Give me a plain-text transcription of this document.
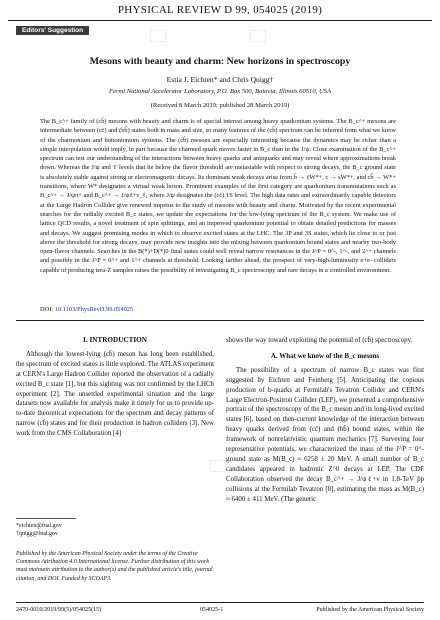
PHYSICAL REVIEW D 99, 054025 (2019)
Editors' Suggestion
Mesons with beauty and charm: New horizons in spectroscopy
Estia J. Eichten* and Chris Quigg†
Fermi National Accelerator Laboratory, P.O. Box 500, Batavia, Illinois 60510, USA
(Received 8 March 2019; published 28 March 2019)
The B_c^+ family of (cb̄) mesons with beauty and charm is of special interest among heavy quarkonium systems. The B_c^+ mesons are intermediate between (cc̄) and (bb̄) states both in mass and size, so many features of the (cb̄) spectrum can be inferred from what we know of the charmonium and bottomonium systems. The (cb̄) mesons are especially interesting because the dynamics may be richer than a simple interpolation would imply, in part because the charmed quark moves faster in B_c than in the J/ψ. Close examination of the B_c^+ spectrum can test our understanding of the interactions between heavy quarks and antiquarks and may reveal where approximations break down. Whereas the J/ψ and ϒ levels that lie below the flavor threshold are metastable with respect to strong decays, the B_c ground state is absolutely stable against strong or electromagnetic decays. Its dominant weak decays arise from b̄ → c̄W*+, c → sW*+, and cb̄ → W*+ transitions, where W* designates a virtual weak boson. Prominent examples of the first category are quarkonium transmutations such as B_c^+ → J/ψπ+ and B_c^+ → J/ψℓ+ν_ℓ, where J/ψ designates the (cc̄) 1S level. The high data rates and extraordinarily capable detectors at the Large Hadron Collider give renewed impetus to the study of mesons with beauty and charm. Motivated by the recent experimental searches for the radially excited B_c states, we update the expectations for the low-lying spectrum of the B_c system. We make use of lattice QCD results, a novel treatment of spin splittings, and an improved quarkonium potential to obtain detailed predictions for masses and decays. We suggest promising modes in which to observe excited states at the LHC. The 3P and 3S states, which lie close to or just above the threshold for strong decays, may provide new insights into the mixing between quarkonium bound states and nearby two-body open-flavor channels. Searches in the B(*)+D(*)0 final states could well reveal narrow resonances in the J^P = 0^-, 1^-, and 2^+ channels and possibly in the J^P = 0^+ and 1^+ channels at threshold. Looking farther ahead, the prospect of very-high-luminosity e+e- colliders capable of producing tera-Z samples raises the possibility of investigating B_c spectroscopy and rare decays in a controlled environment.
DOI: 10.1103/PhysRevD.99.054025
I. INTRODUCTION

Although the lowest-lying (cb̄) meson has long been established, the spectrum of excited states is little explored. The ATLAS experiment at CERN's Large Hadron Collider reported the observation of a radially excited B_c state [1], but this sighting was not confirmed by the LHCb experiment [2]. The unsettled experimental situation and the large datasets now available for analysis make it timely for us to provide up-to-date theoretical expectations for the spectrum and decay patterns of narrow (cb̄) states and for their production in hadron colliders [3]. New work from the CMS Collaboration [4]

*eichten@fnal.gov
†quigg@fnal.gov
Published by the American Physical Society under the terms of the Creative Commons Attribution 4.0 International license. Further distribution of this work must maintain attribution to the author(s) and the published article's title, journal citation, and DOI. Funded by SCOAP3.

shows the way toward exploiting the potential of (cb̄) spectroscopy.

A. What we know of the B_c mesons

The possibility of a spectrum of narrow B_c states was first suggested by Eichten and Feinberg [5]. Anticipating the copious production of b-quarks at Fermilab's Tevatron Collider and CERN's Large Electron-Positron Collider (LEP), we presented a comprehensive portrait of the spectroscopy of the B_c meson and its long-lived excited states [6], based on then-current knowledge of the interaction between heavy quarks derived from (cc̄) and (bb̄) bound states, within the framework of nonrelativistic quantum mechanics [7]. Surveying four representative potentials, we characterized the mass of the J^P = 0^- ground state as M(B_c) ≈ 6258 ± 20 MeV. A small number of B_c candidates appeared in hadronic Z^0 decays at LEP. The CDF Collaboration observed the decay B_c^+ → J/ψℓ+ν in 1.8-TeV p̄p collisions at the Fermilab Tevatron [8], estimating the mass as M(B_c) ≈ 6400 ± 411 MeV. (The generic

2470-0010/2019/99(5)/054025(15)	054025-1	Published by the American Physical Society
